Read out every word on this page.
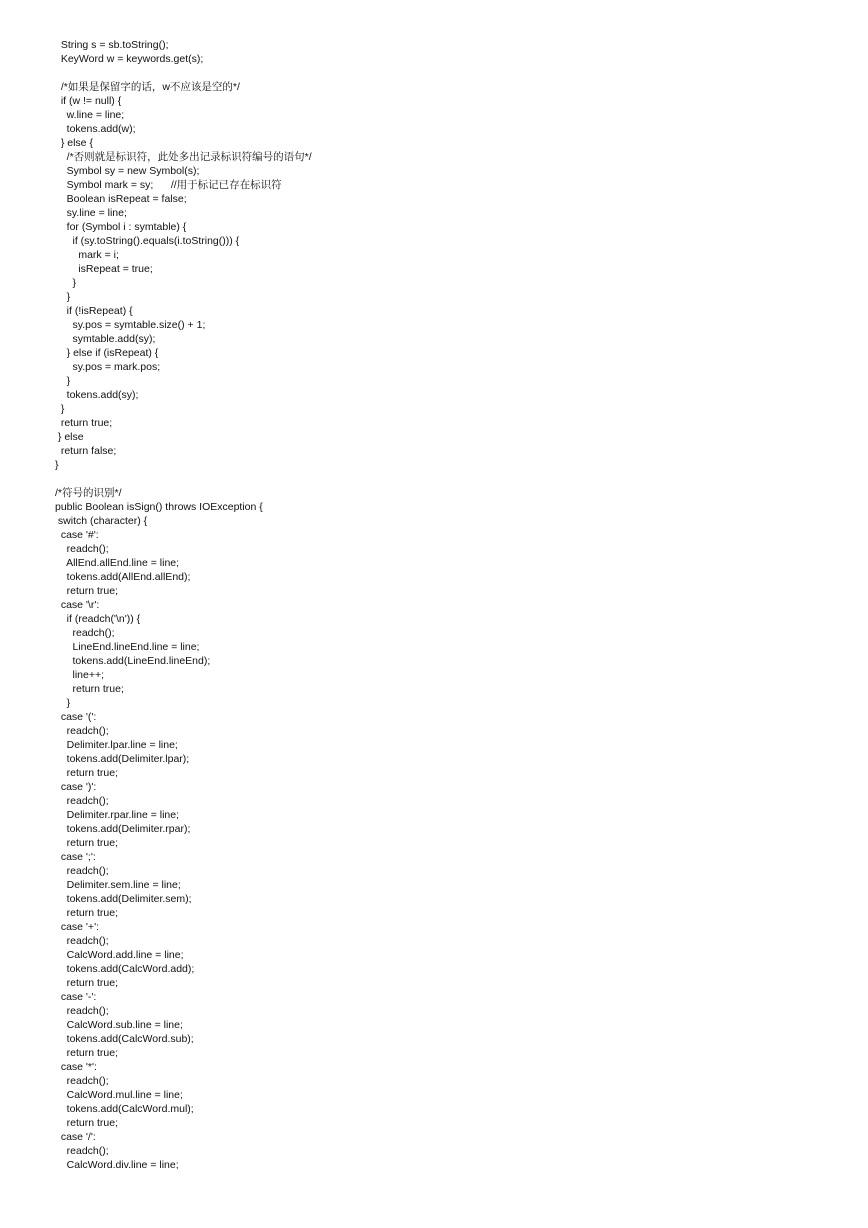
String s = sb.toString();
KeyWord w = keywords.get(s);
/*如果是保留字的话，w不应该是空的*/
if (w != null) {
w.line = line;
tokens.add(w);
} else {
/*否则就是标识符，此处多出记录标识符编号的语句*/
Symbol sy = new Symbol(s);
Symbol mark = sy;      //用于标记已存在标识符
Boolean isRepeat = false;
sy.line = line;
for (Symbol i : symtable) {
if (sy.toString().equals(i.toString())) {
mark = i;
isRepeat = true;
}
}
if (!isRepeat) {
sy.pos = symtable.size() + 1;
symtable.add(sy);
} else if (isRepeat) {
sy.pos = mark.pos;
}
tokens.add(sy);
}
return true;
} else
return false;
}
/*符号的识别*/
public Boolean isSign() throws IOException {
switch (character) {
case '#':
readch();
AllEnd.allEnd.line = line;
tokens.add(AllEnd.allEnd);
return true;
case '\r':
if (readch('\n')) {
readch();
LineEnd.lineEnd.line = line;
tokens.add(LineEnd.lineEnd);
line++;
return true;
}
case '(':
readch();
Delimiter.lpar.line = line;
tokens.add(Delimiter.lpar);
return true;
case ')':
readch();
Delimiter.rpar.line = line;
tokens.add(Delimiter.rpar);
return true;
case ';':
readch();
Delimiter.sem.line = line;
tokens.add(Delimiter.sem);
return true;
case '+':
readch();
CalcWord.add.line = line;
tokens.add(CalcWord.add);
return true;
case '-':
readch();
CalcWord.sub.line = line;
tokens.add(CalcWord.sub);
return true;
case '*':
readch();
CalcWord.mul.line = line;
tokens.add(CalcWord.mul);
return true;
case '/':
readch();
CalcWord.div.line = line;
